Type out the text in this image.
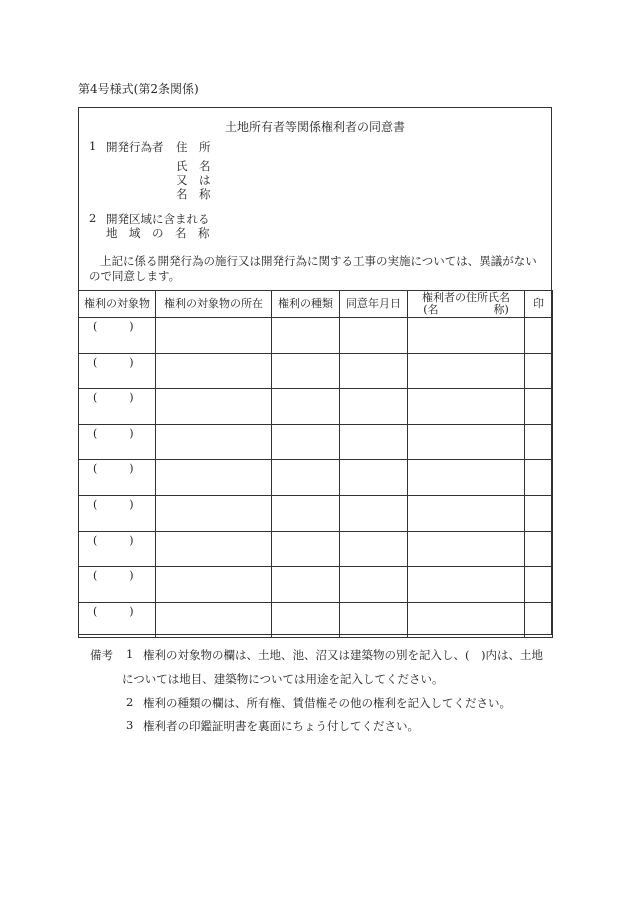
第4号様式(第2条関係)
土地所有者等関係権利者の同意書
1 開発行為者 住　所
氏　名
又　は
名　称
2 開発区域に含まれる
地　域　の　名　称
上記に係る開発行為の施行又は開発行為に関する工事の実施については、異議がない
ので同意します。
権利の対象物	権利の対象物の所在	権利の種類	同意年月日	権利者の住所氏名
(名　　　　　称)	印

( )					

( )					

( )					

( )					

( )					

( )					

( )					

( )					

( )					

備考 1 権利の対象物の欄は、土地、池、沼又は建築物の別を記入し、(　)内は、土地
については地目、建築物については用途を記入してください。
2 権利の種類の欄は、所有権、賃借権その他の権利を記入してください。
3 権利者の印鑑証明書を裏面にちょう付してください。
